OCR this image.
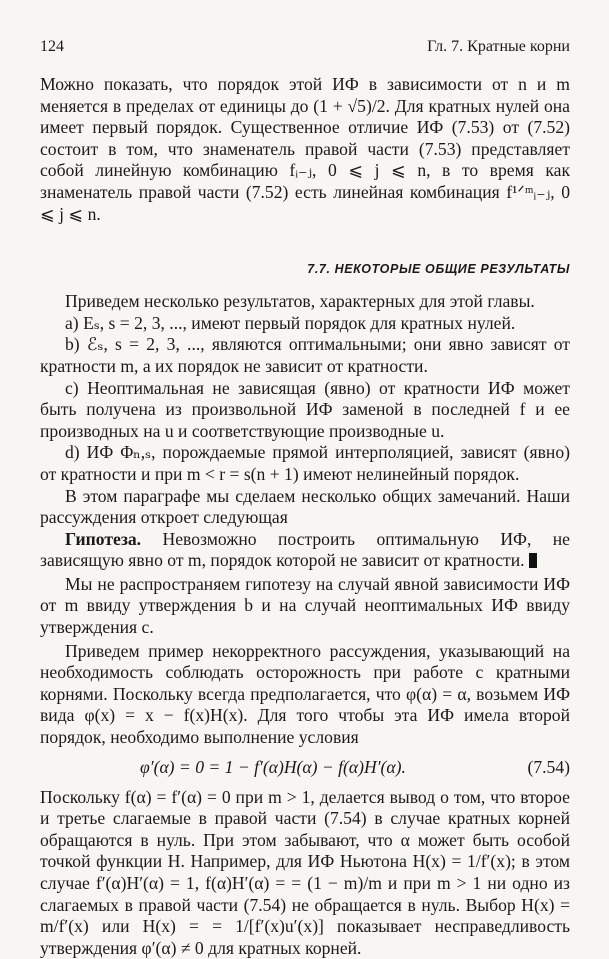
124	Гл. 7. Кратные корни

Можно показать, что порядок этой ИФ в зависимости от n и m меняется в пределах от единицы до (1 + √5)/2. Для кратных нулей она имеет первый порядок. Существенное отличие ИФ (7.53) от (7.52) состоит в том, что знаменатель правой части (7.53) представляет собой линейную комбинацию fᵢ₋ⱼ, 0 ⩽ j ⩽ n, в то время как знаменатель правой части (7.52) есть линейная комбинация f¹ᐟᵐᵢ₋ⱼ, 0 ⩽ j ⩽ n.

7.7. НЕКОТОРЫЕ ОБЩИЕ РЕЗУЛЬТАТЫ

Приведем несколько результатов, характерных для этой главы.

a) Eₛ, s = 2, 3, ..., имеют первый порядок для кратных нулей.

b) ℰₛ, s = 2, 3, ..., являются оптимальными; они явно зависят от кратности m, а их порядок не зависит от кратности.

c) Неоптимальная не зависящая (явно) от кратности ИФ может быть получена из произвольной ИФ заменой в последней f и ее производных на u и соответствующие производные u.

d) ИФ Φₙ,ₛ, порождаемые прямой интерполяцией, зависят (явно) от кратности и при m < r = s(n + 1) имеют нелинейный порядок.

В этом параграфе мы сделаем несколько общих замечаний. Наши рассуждения откроет следующая

Гипотеза. Невозможно построить оптимальную ИФ, не зависящую явно от m, порядок которой не зависит от кратности.

Мы не распространяем гипотезу на случай явной зависимости ИФ от m ввиду утверждения b и на случай неоптимальных ИФ ввиду утверждения c.

Приведем пример некорректного рассуждения, указывающий на необходимость соблюдать осторожность при работе с кратными корнями. Поскольку всегда предполагается, что φ(α) = α, возьмем ИФ вида φ(x) = x − f(x)H(x). Для того чтобы эта ИФ имела второй порядок, необходимо выполнение условия

φ′(α) = 0 = 1 − f′(α)H(α) − f(α)H′(α).	(7.54)

Поскольку f(α) = f′(α) = 0 при m > 1, делается вывод о том, что второе и третье слагаемые в правой части (7.54) в случае кратных корней обращаются в нуль. При этом забывают, что α может быть особой точкой функции H. Например, для ИФ Ньютона H(x) = 1/f′(x); в этом случае f′(α)H′(α) = 1, f(α)H′(α) = = (1 − m)/m и при m > 1 ни одно из слагаемых в правой части (7.54) не обращается в нуль. Выбор H(x) = m/f′(x) или H(x) = = 1/[f′(x)u′(x)] показывает несправедливость утверждения φ′(α) ≠ 0 для кратных корней.
